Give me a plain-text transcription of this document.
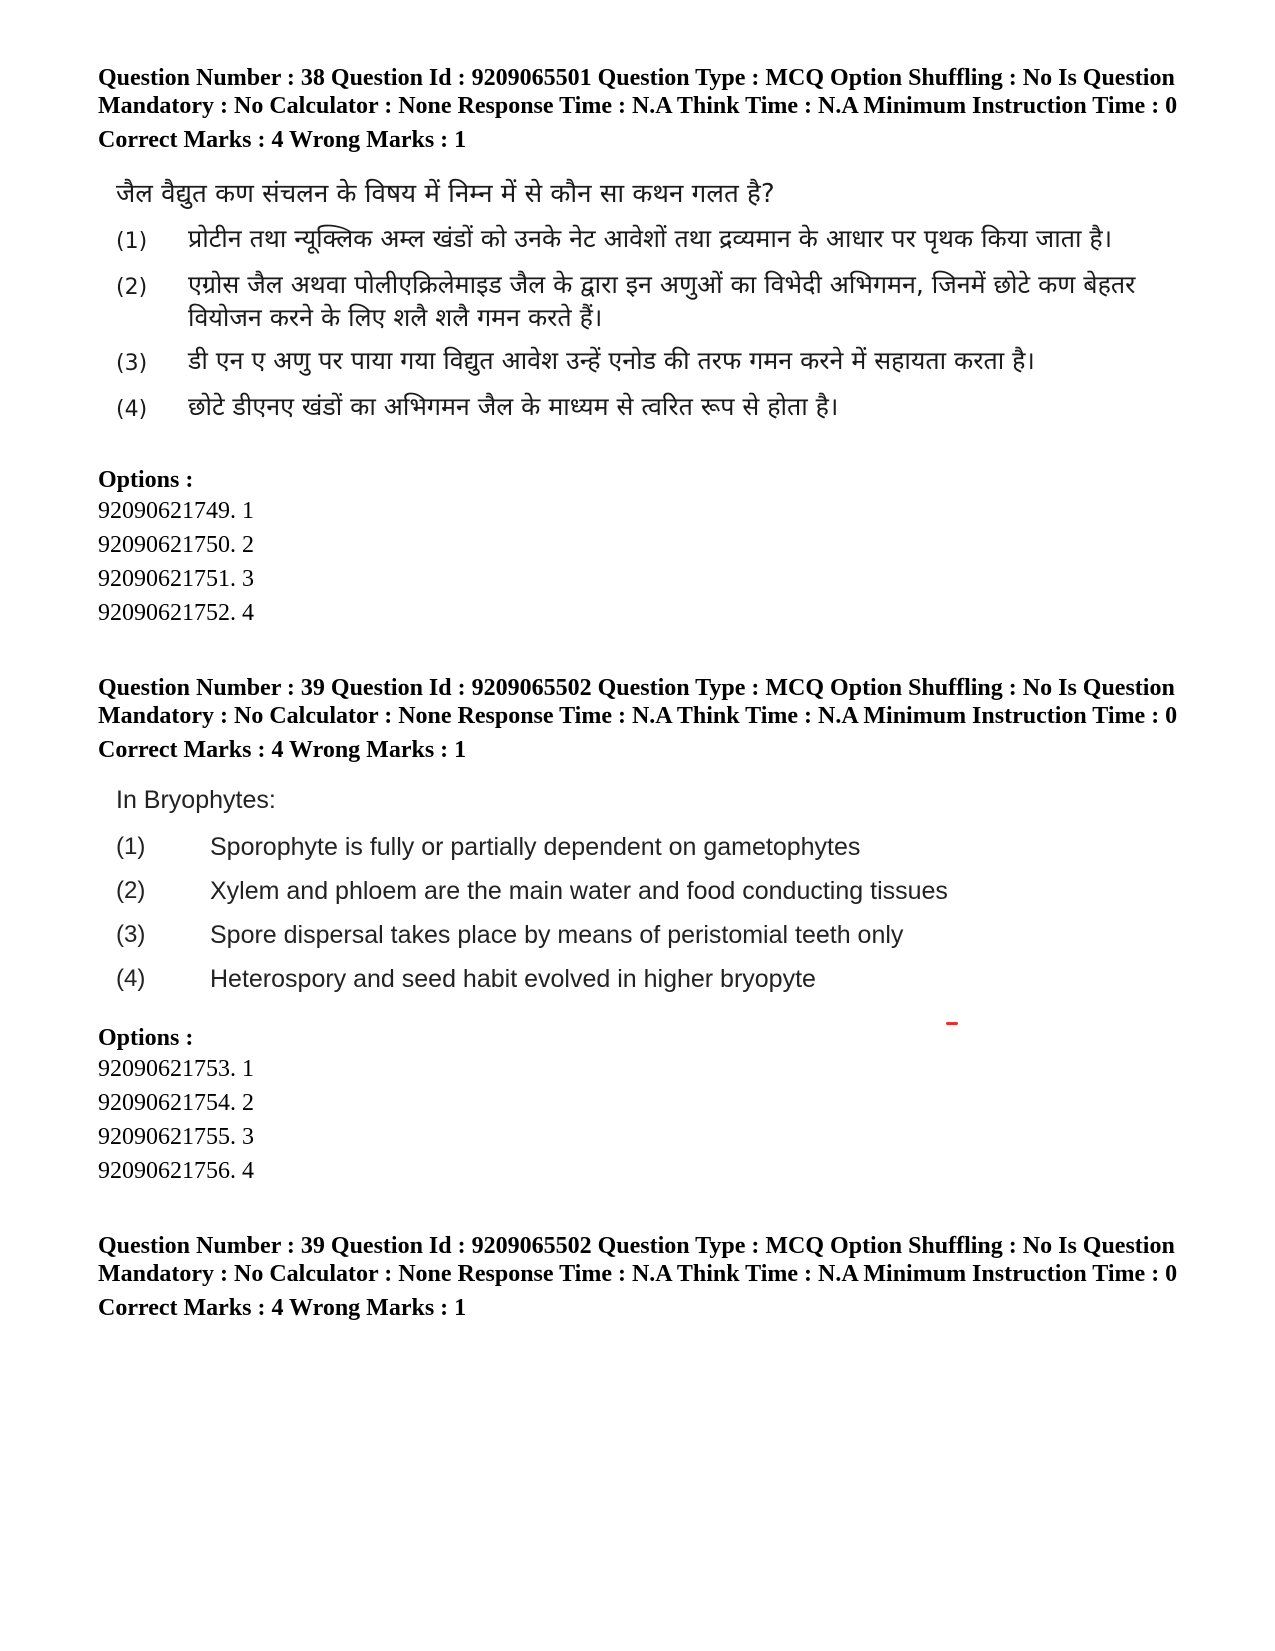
Question Number : 38 Question Id : 9209065501 Question Type : MCQ Option Shuffling : No Is Question Mandatory : No Calculator : None Response Time : N.A Think Time : N.A Minimum Instruction Time : 0

Correct Marks : 4 Wrong Marks : 1
जैल वैद्युत कण संचलन के विषय में निम्न में से कौन सा कथन गलत है?
(1)	प्रोटीन तथा न्यूक्लिक अम्ल खंडों को उनके नेट आवेशों तथा द्रव्यमान के आधार पर पृथक किया जाता है।
(2)	एग्रोस जैल अथवा पोलीएक्रिलेमाइड जैल के द्वारा इन अणुओं का विभेदी अभिगमन, जिनमें छोटे कण बेहतर वियोजन करने के लिए शलै शलै गमन करते हैं।
(3)	डी एन ए अणु पर पाया गया विद्युत आवेश उन्हें एनोड की तरफ गमन करने में सहायता करता है।
(4)	छोटे डीएनए खंडों का अभिगमन जैल के माध्यम से त्वरित रूप से होता है।
Options :
92090621749. 1
92090621750. 2
92090621751. 3
92090621752. 4

Question Number : 39 Question Id : 9209065502 Question Type : MCQ Option Shuffling : No Is Question Mandatory : No Calculator : None Response Time : N.A Think Time : N.A Minimum Instruction Time : 0

Correct Marks : 4 Wrong Marks : 1
In Bryophytes:
(1)	Sporophyte is fully or partially dependent on gametophytes
(2)	Xylem and phloem are the main water and food conducting tissues
(3)	Spore dispersal takes place by means of peristomial teeth only
(4)	Heterospory and seed habit evolved in higher bryopyte
Options :
92090621753. 1
92090621754. 2
92090621755. 3
92090621756. 4

Question Number : 39 Question Id : 9209065502 Question Type : MCQ Option Shuffling : No Is Question Mandatory : No Calculator : None Response Time : N.A Think Time : N.A Minimum Instruction Time : 0

Correct Marks : 4 Wrong Marks : 1
